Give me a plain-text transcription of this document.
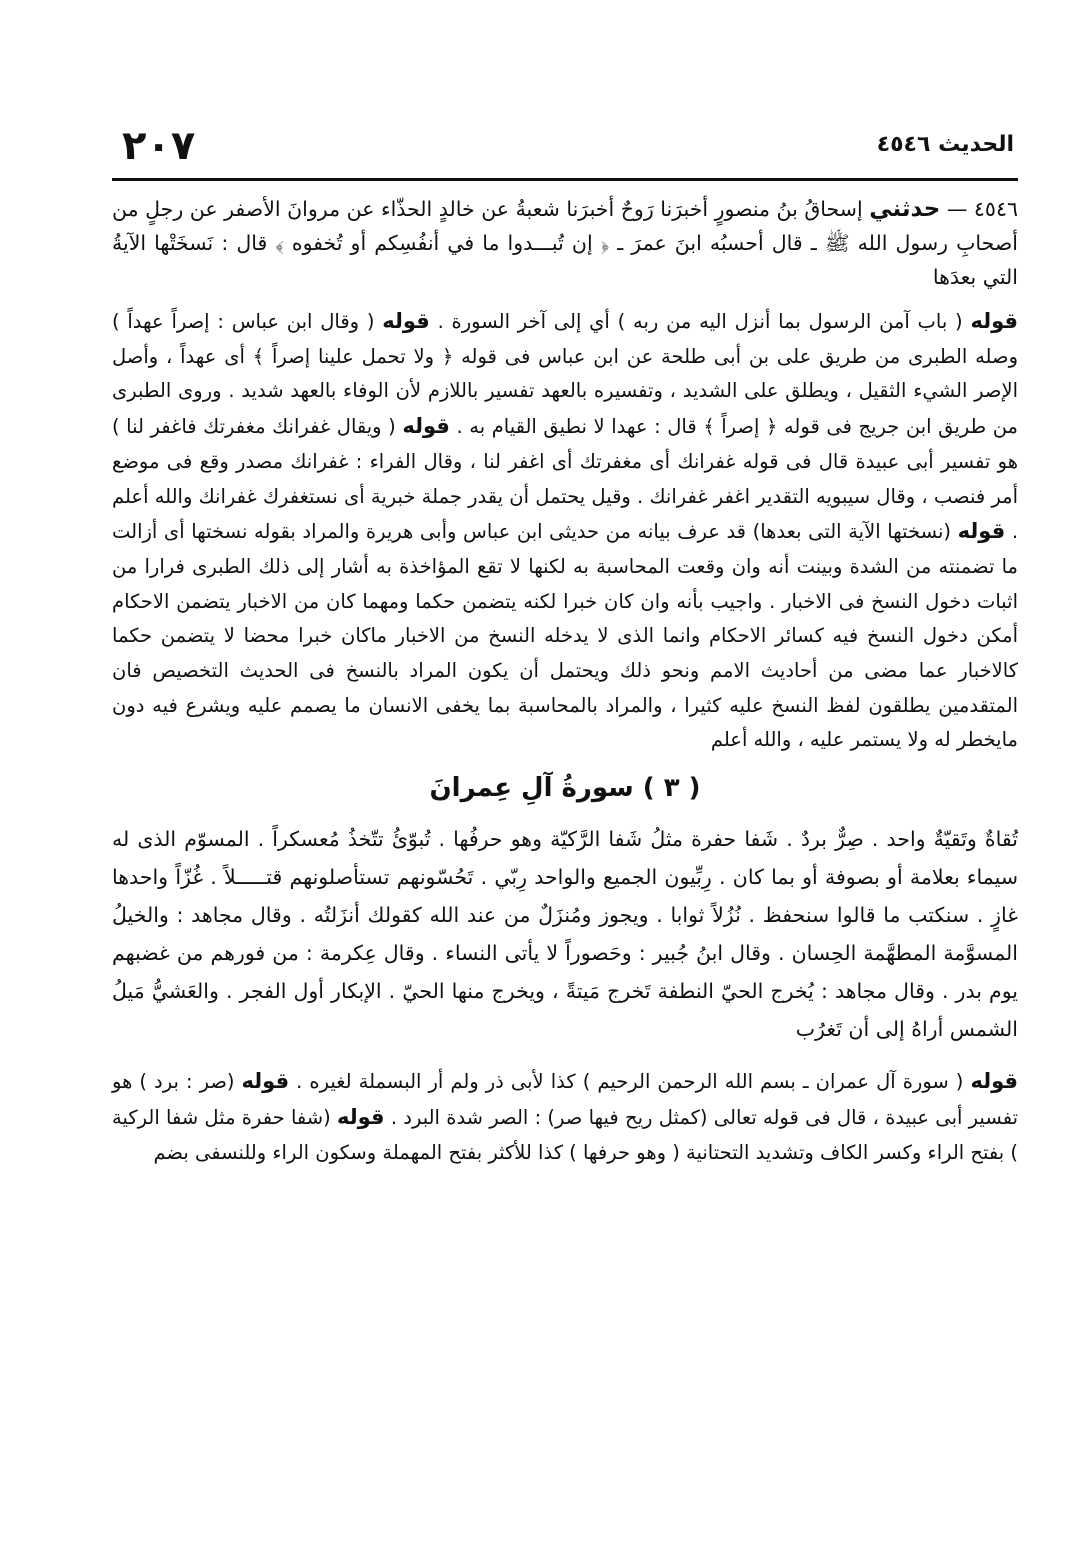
الحديث ٤٥٤٦
٢٠٧
٤٥٤٦ — حدثني إسحاقُ بنُ منصورٍ أخبرَنا رَوحٌ أخبرَنا شعبةُ عن خالدٍ الحذّاء عن مروانَ الأصفر عن رجلٍ من أصحابِ رسول الله ﷺ ـ قال أحسبُه ابنَ عمرَ ـ ﴿ إن تُبـــدوا ما في أنفُسِكم أو تُخفوه ﴾ قال : نَسخَتْها الآيةُ التي بعدَها
قوله ( باب آمن الرسول بما أنزل اليه من ربه ) أي إلى آخر السورة . قوله ( وقال ابن عباس : إصراً عهداً ) وصله الطبرى من طريق على بن أبى طلحة عن ابن عباس فى قوله ﴿ ولا تحمل علينا إصراً ﴾ أى عهداً ، وأصل الإصر الشيء الثقيل ، ويطلق على الشديد ، وتفسيره بالعهد تفسير باللازم لأن الوفاء بالعهد شديد . وروى الطبرى من طريق ابن جريج فى قوله ﴿ إصراً ﴾ قال : عهدا لا نطيق القيام به . قوله ( ويقال غفرانك مغفرتك فاغفر لنا ) هو تفسير أبى عبيدة قال فى قوله غفرانك أى مغفرتك أى اغفر لنا ، وقال الفراء : غفرانك مصدر وقع فى موضع أمر فنصب ، وقال سيبويه التقدير اغفر غفرانك . وقيل يحتمل أن يقدر جملة خبرية أى نستغفرك غفرانك والله أعلم . قوله (نسختها الآية التى بعدها) قد عرف بيانه من حديثى ابن عباس وأبى هريرة والمراد بقوله نسختها أى أزالت ما تضمنته من الشدة وبينت أنه وان وقعت المحاسبة به لكنها لا تقع المؤاخذة به أشار إلى ذلك الطبرى فرارا من اثبات دخول النسخ فى الاخبار . واجيب بأنه وان كان خبرا لكنه يتضمن حكما ومهما كان من الاخبار يتضمن الاحكام أمكن دخول النسخ فيه كسائر الاحكام وانما الذى لا يدخله النسخ من الاخبار ماكان خبرا محضا لا يتضمن حكما كالاخبار عما مضى من أحاديث الامم ونحو ذلك ويحتمل أن يكون المراد بالنسخ فى الحديث التخصيص فان المتقدمين يطلقون لفظ النسخ عليه كثيرا ، والمراد بالمحاسبة بما يخفى الانسان ما يصمم عليه ويشرع فيه دون مايخطر له ولا يستمر عليه ، والله أعلم
( ٣ ) سورةُ آلِ عِمرانَ
تُقاةٌ وتَقيّةٌ واحد . صِرٌّ بردٌ . شَفا حفرة مثلُ شَفا الرَّكيّة وهو حرفُها . تُبوّئُ تتّخذُ مُعسكراً . المسوّم الذى له سيماء بعلامة أو بصوفة أو بما كان . رِبِّيون الجميع والواحد رِبّي . تَحُسّونهم تستأصلونهم قتـــــلاً . غُزّاً واحدها غازٍ . سنكتب ما قالوا سنحفظ . نُزُلاً ثوابا . ويجوز ومُنزَلٌ من عند الله كقولك أنزَلتُه . وقال مجاهد : والخيلُ المسوَّمة المطهَّمة الحِسان . وقال ابنُ جُبير : وحَصوراً لا يأتى النساء . وقال عِكرمة : من فورهم من غضبهم يوم بدر . وقال مجاهد : يُخرج الحيّ النطفة تَخرج مَيتةً ، ويخرج منها الحيّ . الإبكار أول الفجر . والعَشيُّ مَيلُ الشمس أراهُ إلى أن تَغرُب
قوله ( سورة آل عمران ـ بسم الله الرحمن الرحيم ) كذا لأبى ذر ولم أر البسملة لغيره . قوله (صر : برد ) هو تفسير أبى عبيدة ، قال فى قوله تعالى (كمثل ريح فيها صر) : الصر شدة البرد . قوله (شفا حفرة مثل شفا الركية ) بفتح الراء وكسر الكاف وتشديد التحتانية ( وهو حرفها ) كذا للأكثر بفتح المهملة وسكون الراء وللنسفى بضم
